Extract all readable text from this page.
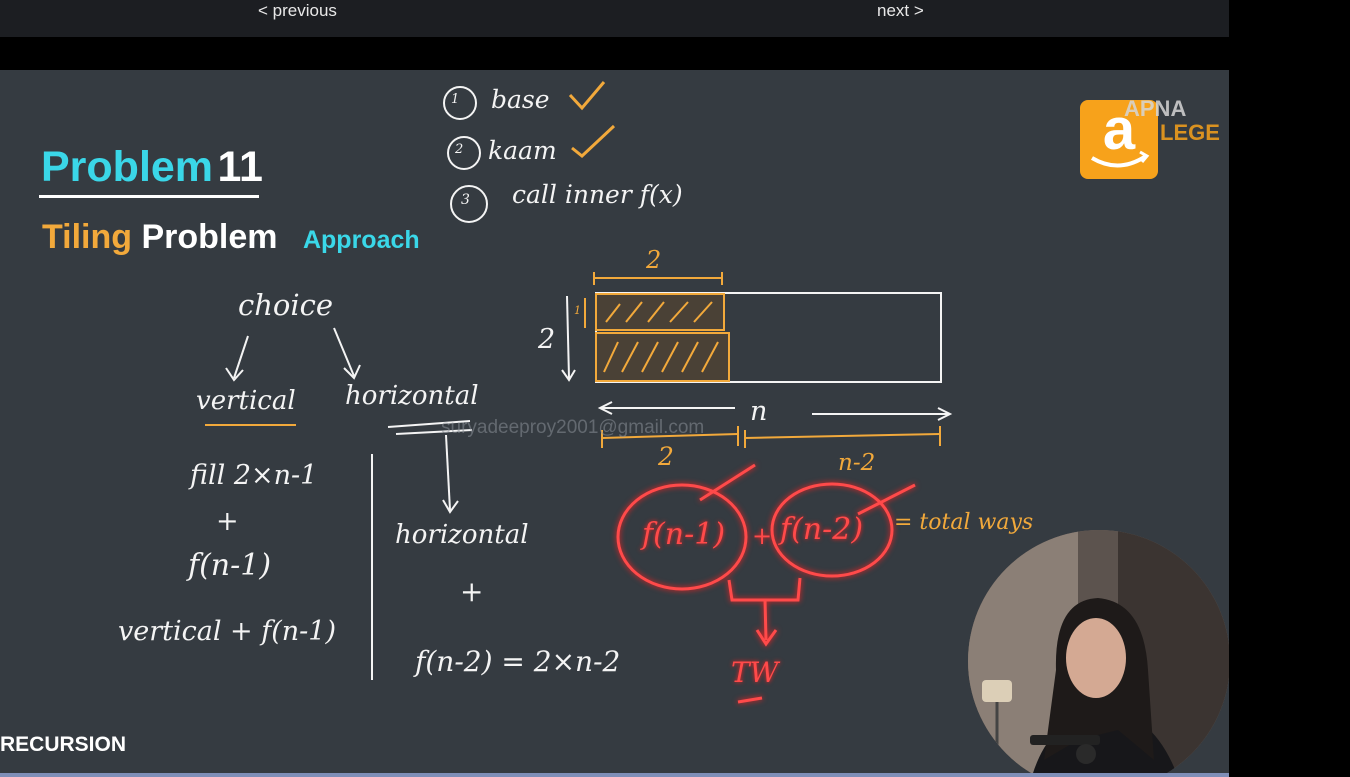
< previous	next >
Problem 11
Tiling Problem Approach
RECURSION
a
APNA
LEGE
1 base
2 kaam
3 call inner f(x)
choice
vertical horizontal
fill 2×n-1
+
f(n-1)
vertical + f(n-1)
horizontal
+
f(n-2) = 2×n-2
2
2
1
n
2	n-2
f(n-1) + f(n-2) = total ways
TW
suryadeeproy2001@gmail.com
